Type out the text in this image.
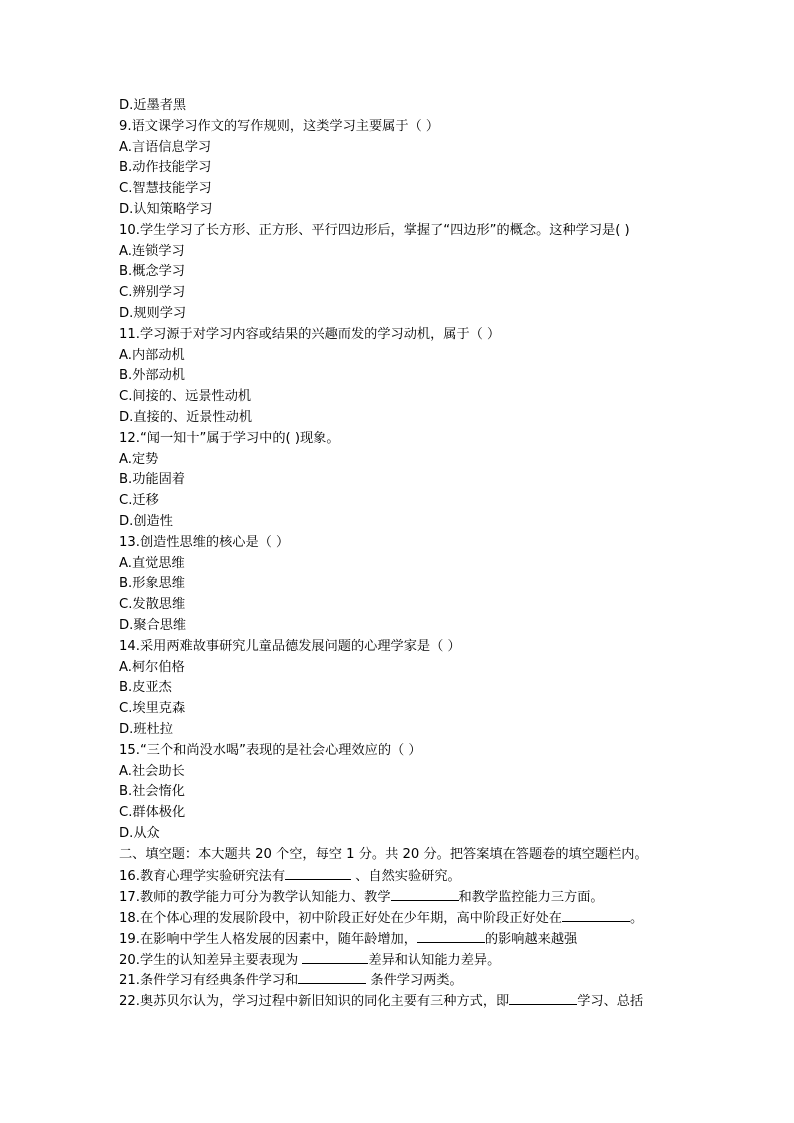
D.近墨者黑
9.语文课学习作文的写作规则，这类学习主要属于（ ）
A.言语信息学习
B.动作技能学习
C.智慧技能学习
D.认知策略学习
10.学生学习了长方形、正方形、平行四边形后，掌握了“四边形”的概念。这种学习是( )
A.连锁学习
B.概念学习
C.辨别学习
D.规则学习
11.学习源于对学习内容或结果的兴趣而发的学习动机，属于（ ）
A.内部动机
B.外部动机
C.间接的、远景性动机
D.直接的、近景性动机
12.“闻一知十”属于学习中的( )现象。
A.定势
B.功能固着
C.迁移
D.创造性
13.创造性思维的核心是（ ）
A.直觉思维
B.形象思维
C.发散思维
D.聚合思维
14.采用两难故事研究儿童品德发展问题的心理学家是（ ）
A.柯尔伯格
B.皮亚杰
C.埃里克森
D.班杜拉
15.“三个和尚没水喝”表现的是社会心理效应的（ ）
A.社会助长
B.社会惰化
C.群体极化
D.从众
二、填空题：本大题共 20 个空，每空 1 分。共 20 分。把答案填在答题卷的填空题栏内。
16.教育心理学实验研究法有	、自然实验研究。
17.教师的教学能力可分为教学认知能力、教学	和教学监控能力三方面。
18.在个体心理的发展阶段中，初中阶段正好处在少年期，高中阶段正好处在	。
19.在影响中学生人格发展的因素中，随年龄增加，	的影响越来越强
20.学生的认知差异主要表现为	差异和认知能力差异。
21.条件学习有经典条件学习和	条件学习两类。
22.奥苏贝尔认为，学习过程中新旧知识的同化主要有三种方式，即	学习、总括
